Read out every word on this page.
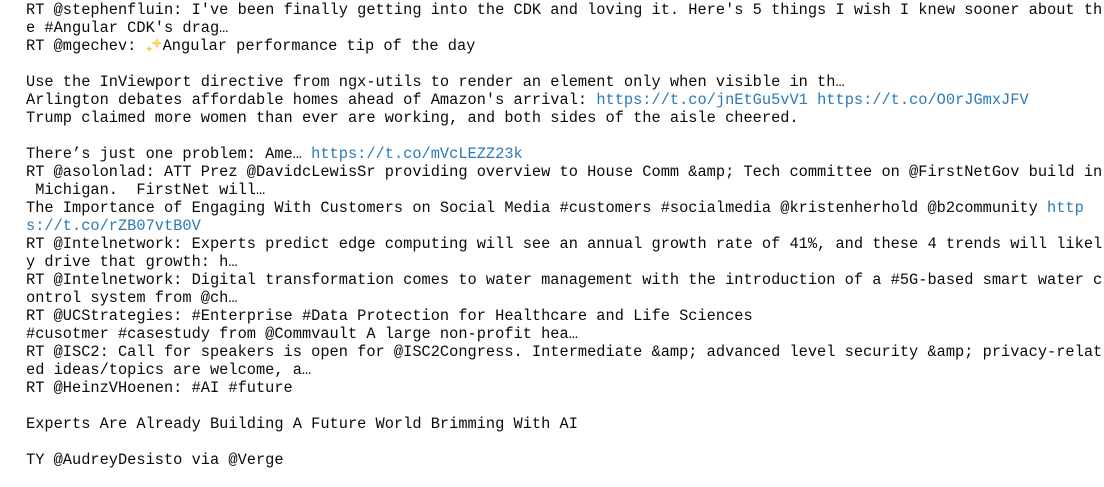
RT @stephenfluin: I've been finally getting into the CDK and loving it. Here's 5 things I wish I knew sooner about th
e #Angular CDK's drag…
RT @mgechev: Angular performance tip of the day
Use the InViewport directive from ngx-utils to render an element only when visible in th…
Arlington debates affordable homes ahead of Amazon's arrival: https://t.co/jnEtGu5vV1 https://t.co/O0rJGmxJFV
Trump claimed more women than ever are working, and both sides of the aisle cheered.
There’s just one problem: Ame… https://t.co/mVcLEZZ23k
RT @asolonlad: ATT Prez @DavidcLewisSr providing overview to House Comm &amp; Tech committee on @FirstNetGov build in
Michigan.  FirstNet will…
The Importance of Engaging With Customers on Social Media #customers #socialmedia @kristenherhold @b2community http
s://t.co/rZB07vtB0V
RT @Intelnetwork: Experts predict edge computing will see an annual growth rate of 41%, and these 4 trends will likel
y drive that growth: h…
RT @Intelnetwork: Digital transformation comes to water management with the introduction of a #5G-based smart water c
ontrol system from @ch…
RT @UCStrategies: #Enterprise #Data Protection for Healthcare and Life Sciences
#cusotmer #casestudy from @Commvault A large non-profit hea…
RT @ISC2: Call for speakers is open for @ISC2Congress. Intermediate &amp; advanced level security &amp; privacy-relat
ed ideas/topics are welcome, a…
RT @HeinzVHoenen: #AI #future
Experts Are Already Building A Future World Brimming With AI
TY @AudreyDesisto via @Verge
